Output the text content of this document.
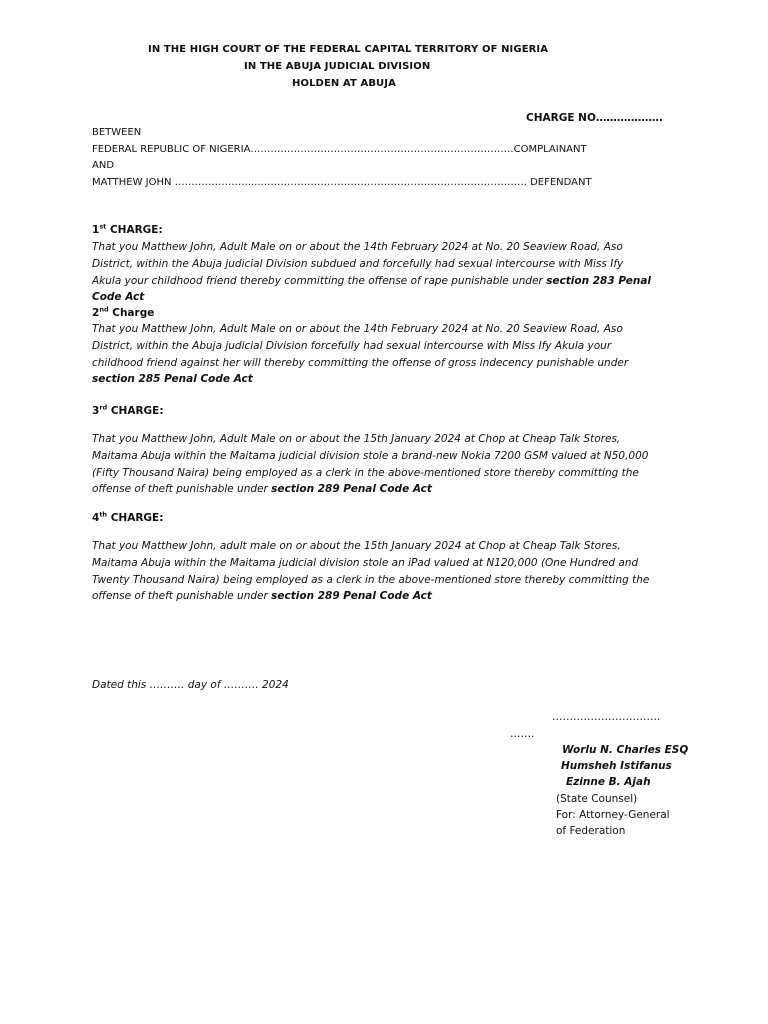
IN THE HIGH COURT OF THE FEDERAL CAPITAL TERRITORY OF NIGERIA
IN THE ABUJA JUDICIAL DIVISION
HOLDEN AT ABUJA
CHARGE NO……………….
BETWEEN
FEDERAL REPUBLIC OF NIGERIA…………………………………………………………………….COMPLAINANT
AND
MATTHEW JOHN …………………......……………………………………………………………………. DEFENDANT
1st CHARGE:
That you Matthew John, Adult Male on or about the 14th February 2024 at No. 20 Seaview Road, Aso District, within the Abuja judicial Division subdued and forcefully had sexual intercourse with Miss Ify Akula your childhood friend thereby committing the offense of rape punishable under section 283 Penal Code Act
2nd Charge
That you Matthew John, Adult Male on or about the 14th February 2024 at No. 20 Seaview Road, Aso District, within the Abuja judicial Division forcefully had sexual intercourse with Miss Ify Akula your childhood friend against her will thereby committing the offense of gross indecency punishable under section 285 Penal Code Act
3rd CHARGE:
That you Matthew John, Adult Male on or about the 15th January 2024 at Chop at Cheap Talk Stores, Maitama Abuja within the Maitama judicial division stole a brand-new Nokia 7200 GSM valued at N50,000 (Fifty Thousand Naira) being employed as a clerk in the above-mentioned store thereby committing the offense of theft punishable under section 289 Penal Code Act
4th CHARGE:
That you Matthew John, adult male on or about the 15th January 2024 at Chop at Cheap Talk Stores, Maitama Abuja within the Maitama judicial division stole an iPad valued at N120,000 (One Hundred and Twenty Thousand Naira) being employed as a clerk in the above-mentioned store thereby committing the offense of theft punishable under section 289 Penal Code Act
Dated this ………. day of ………. 2024
………………………….
…….
Worlu N. Charles ESQ
Humsheh Istifanus
Ezinne B. Ajah
(State Counsel)
For: Attorney-General
of Federation
